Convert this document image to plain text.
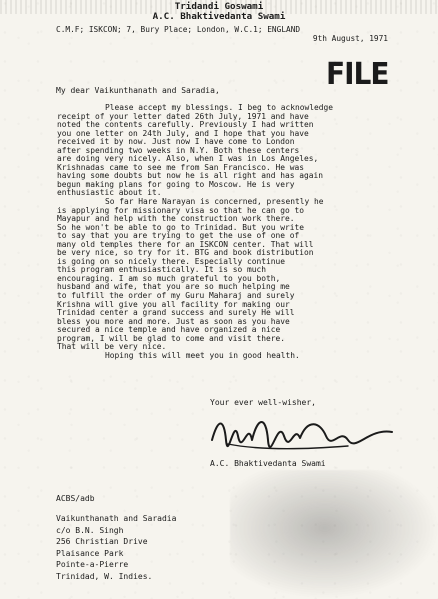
Tridandi Goswami
A.C. Bhaktivedanta Swami
C.M.F; ISKCON; 7, Bury Place; London, W.C.1; ENGLAND
9th August, 1971
FILE
My dear Vaikunthanath and Saradia,

Please accept my blessings. I beg to acknowledge

receipt of your letter dated 26th July, 1971 and have

noted the contents carefully. Previously I had written

you one letter on 24th July, and I hope that you have

received it by now. Just now I have come to London

after spending two weeks in N.Y. Both these centers

are doing very nicely. Also, when I was in Los Angeles,

Krishnadas came to see me from San Francisco. He was

having some doubts but now he is all right and has again

begun making plans for going to Moscow. He is very

enthusiastic about it.

So far Hare Narayan is concerned, presently he

is applying for missionary visa so that he can go to

Mayapur and help with the construction work there.

So he won't be able to go to Trinidad. But you write

to say that you are trying to get the use of one of

many old temples there for an ISKCON center. That will

be very nice, so try for it. BTG and book distribution

is going on so nicely there. Especially continue

this program enthusiastically. It is so much

encouraging. I am so much grateful to you both,

husband and wife, that you are so much helping me

to fulfill the order of my Guru Maharaj and surely

Krishna will give you all facility for making our

Trinidad center a grand success and surely He will

bless you more and more. Just as soon as you have

secured a nice temple and have organized a nice

program, I will be glad to come and visit there.

That will be very nice.

Hoping this will meet you in good health.

Your ever well-wisher,
A.C. Bhaktivedanta Swami
ACBS/adb
Vaikunthanath and Saradia
c/o B.N. Singh
256 Christian Drive
Plaisance Park
Pointe-a-Pierre
Trinidad, W. Indies.
